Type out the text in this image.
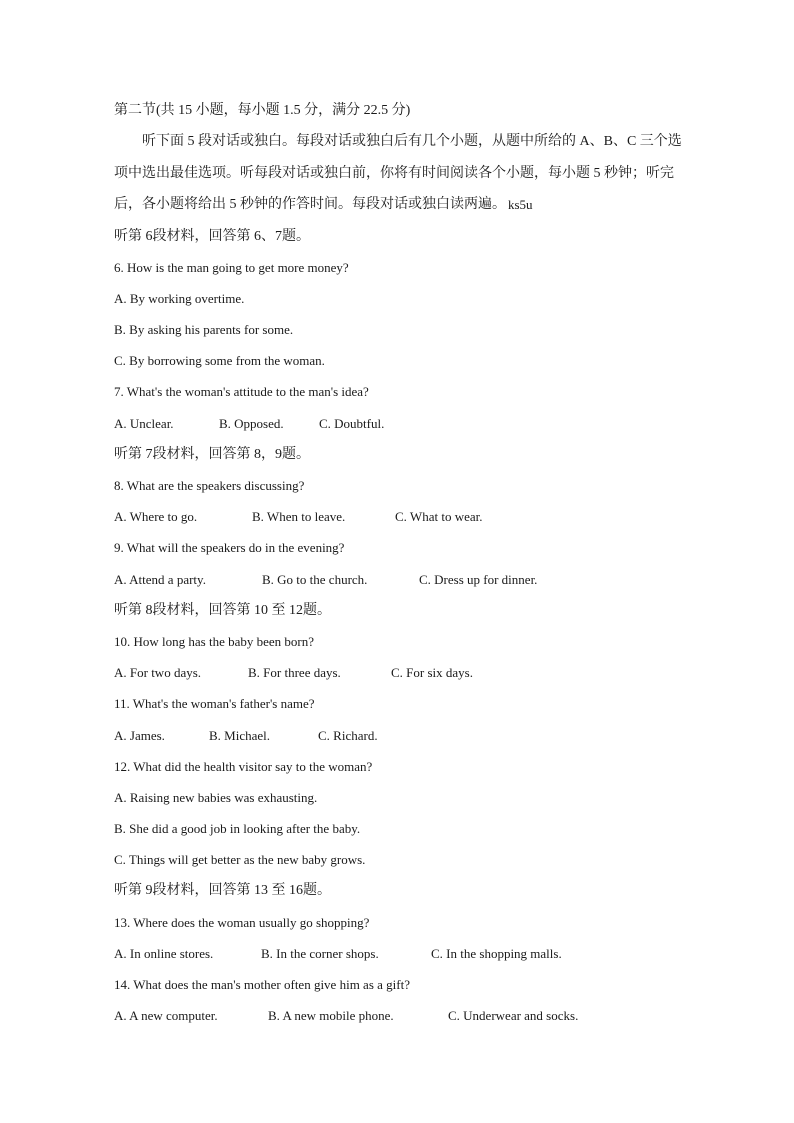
第二节(共 15 小题，每小题 1.5 分，满分 22.5 分)
听下面 5 段对话或独白。每段对话或独白后有几个小题，从题中所给的 A、B、C 三个选
项中选出最佳选项。听每段对话或独白前，你将有时间阅读各个小题，每小题 5 秒钟；听完
后，各小题将给出 5 秒钟的作答时间。每段对话或独白读两遍。 ks5u
听第 6段材料，回答第 6、7题。
6. How is the man going to get more money?
A. By working overtime.
B. By asking his parents for some.
C. By borrowing some from the woman.
7. What's the woman's attitude to the man's idea?
A. Unclear.	B. Opposed.	C. Doubtful.
听第 7段材料，回答第 8，9题。
8. What are the speakers discussing?
A. Where to go.	B. When to leave.	C. What to wear.
9. What will the speakers do in the evening?
A. Attend a party.	B. Go to the church.	C. Dress up for dinner.
听第 8段材料，回答第 10 至 12题。
10. How long has the baby been born?
A. For two days.	B. For three days.	C. For six days.
11. What's the woman's father's name?
A. James.	B. Michael.	C. Richard.
12. What did the health visitor say to the woman?
A. Raising new babies was exhausting.
B. She did a good job in looking after the baby.
C. Things will get better as the new baby grows.
听第 9段材料，回答第 13 至 16题。
13. Where does the woman usually go shopping?
A. In online stores.	B. In the corner shops.	C. In the shopping malls.
14. What does the man's mother often give him as a gift?
A. A new computer.	B. A new mobile phone.	C. Underwear and socks.
